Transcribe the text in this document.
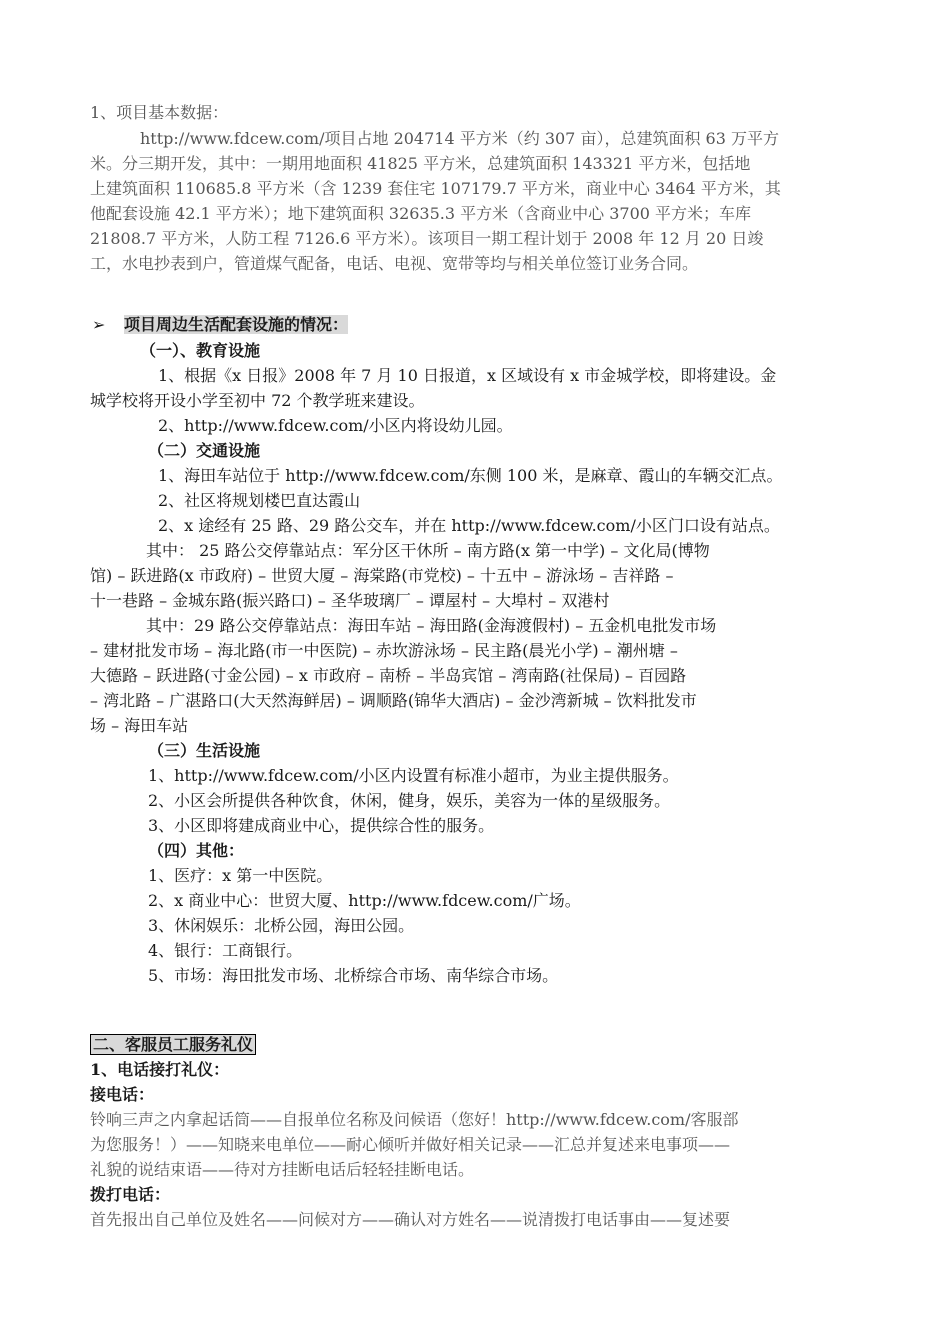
1、项目基本数据：
http://www.fdcew.com/项目占地 204714 平方米（约 307 亩），总建筑面积 63 万平方
米。分三期开发，其中：一期用地面积 41825 平方米，总建筑面积 143321 平方米，包括地
上建筑面积 110685.8 平方米（含 1239 套住宅 107179.7 平方米，商业中心 3464 平方米，其
他配套设施 42.1 平方米）；地下建筑面积 32635.3 平方米（含商业中心 3700 平方米；车库
21808.7 平方米，人防工程 7126.6 平方米）。该项目一期工程计划于 2008 年 12 月 20 日竣
工，水电抄表到户，管道煤气配备，电话、电视、宽带等均与相关单位签订业务合同。
➢ 项目周边生活配套设施的情况：
（一）、教育设施
1、根据《x 日报》2008 年 7 月 10 日报道，x 区域设有 x 市金城学校，即将建设。金
城学校将开设小学至初中 72 个教学班来建设。
2、http://www.fdcew.com/小区内将设幼儿园。
（二）交通设施
1、海田车站位于 http://www.fdcew.com/东侧 100 米，是麻章、霞山的车辆交汇点。
2、社区将规划楼巴直达霞山
2、x 途经有 25 路、29 路公交车，并在 http://www.fdcew.com/小区门口设有站点。
其中： 25 路公交停靠站点：军分区干休所 – 南方路(x 第一中学) – 文化局(博物
馆) – 跃进路(x 市政府) – 世贸大厦 – 海棠路(市党校) – 十五中 – 游泳场 – 吉祥路 –
十一巷路 – 金城东路(振兴路口) – 圣华玻璃厂 – 谭屋村 – 大埠村 – 双港村
其中：29 路公交停靠站点：海田车站 – 海田路(金海渡假村) – 五金机电批发市场
– 建材批发市场 – 海北路(市一中医院) – 赤坎游泳场 – 民主路(晨光小学) – 潮州塘 –
大德路 – 跃进路(寸金公园) – x 市政府 – 南桥 – 半岛宾馆 – 湾南路(社保局) – 百园路
– 湾北路 – 广湛路口(大天然海鲜居) – 调顺路(锦华大酒店) – 金沙湾新城 – 饮料批发市
场 – 海田车站
（三）生活设施
1、http://www.fdcew.com/小区内设置有标准小超市，为业主提供服务。
2、小区会所提供各种饮食，休闲，健身，娱乐，美容为一体的星级服务。
3、小区即将建成商业中心，提供综合性的服务。
（四）其他：
1、医疗：x 第一中医院。
2、x 商业中心：世贸大厦、http://www.fdcew.com/广场。
3、休闲娱乐：北桥公园，海田公园。
4、银行：工商银行。
5、市场：海田批发市场、北桥综合市场、南华综合市场。
二、客服员工服务礼仪
1、电话接打礼仪：
接电话：
铃响三声之内拿起话筒——自报单位名称及问候语（您好！http://www.fdcew.com/客服部
为您服务！）——知晓来电单位——耐心倾听并做好相关记录——汇总并复述来电事项——
礼貌的说结束语——待对方挂断电话后轻轻挂断电话。
拨打电话：
首先报出自己单位及姓名——问候对方——确认对方姓名——说清拨打电话事由——复述要
